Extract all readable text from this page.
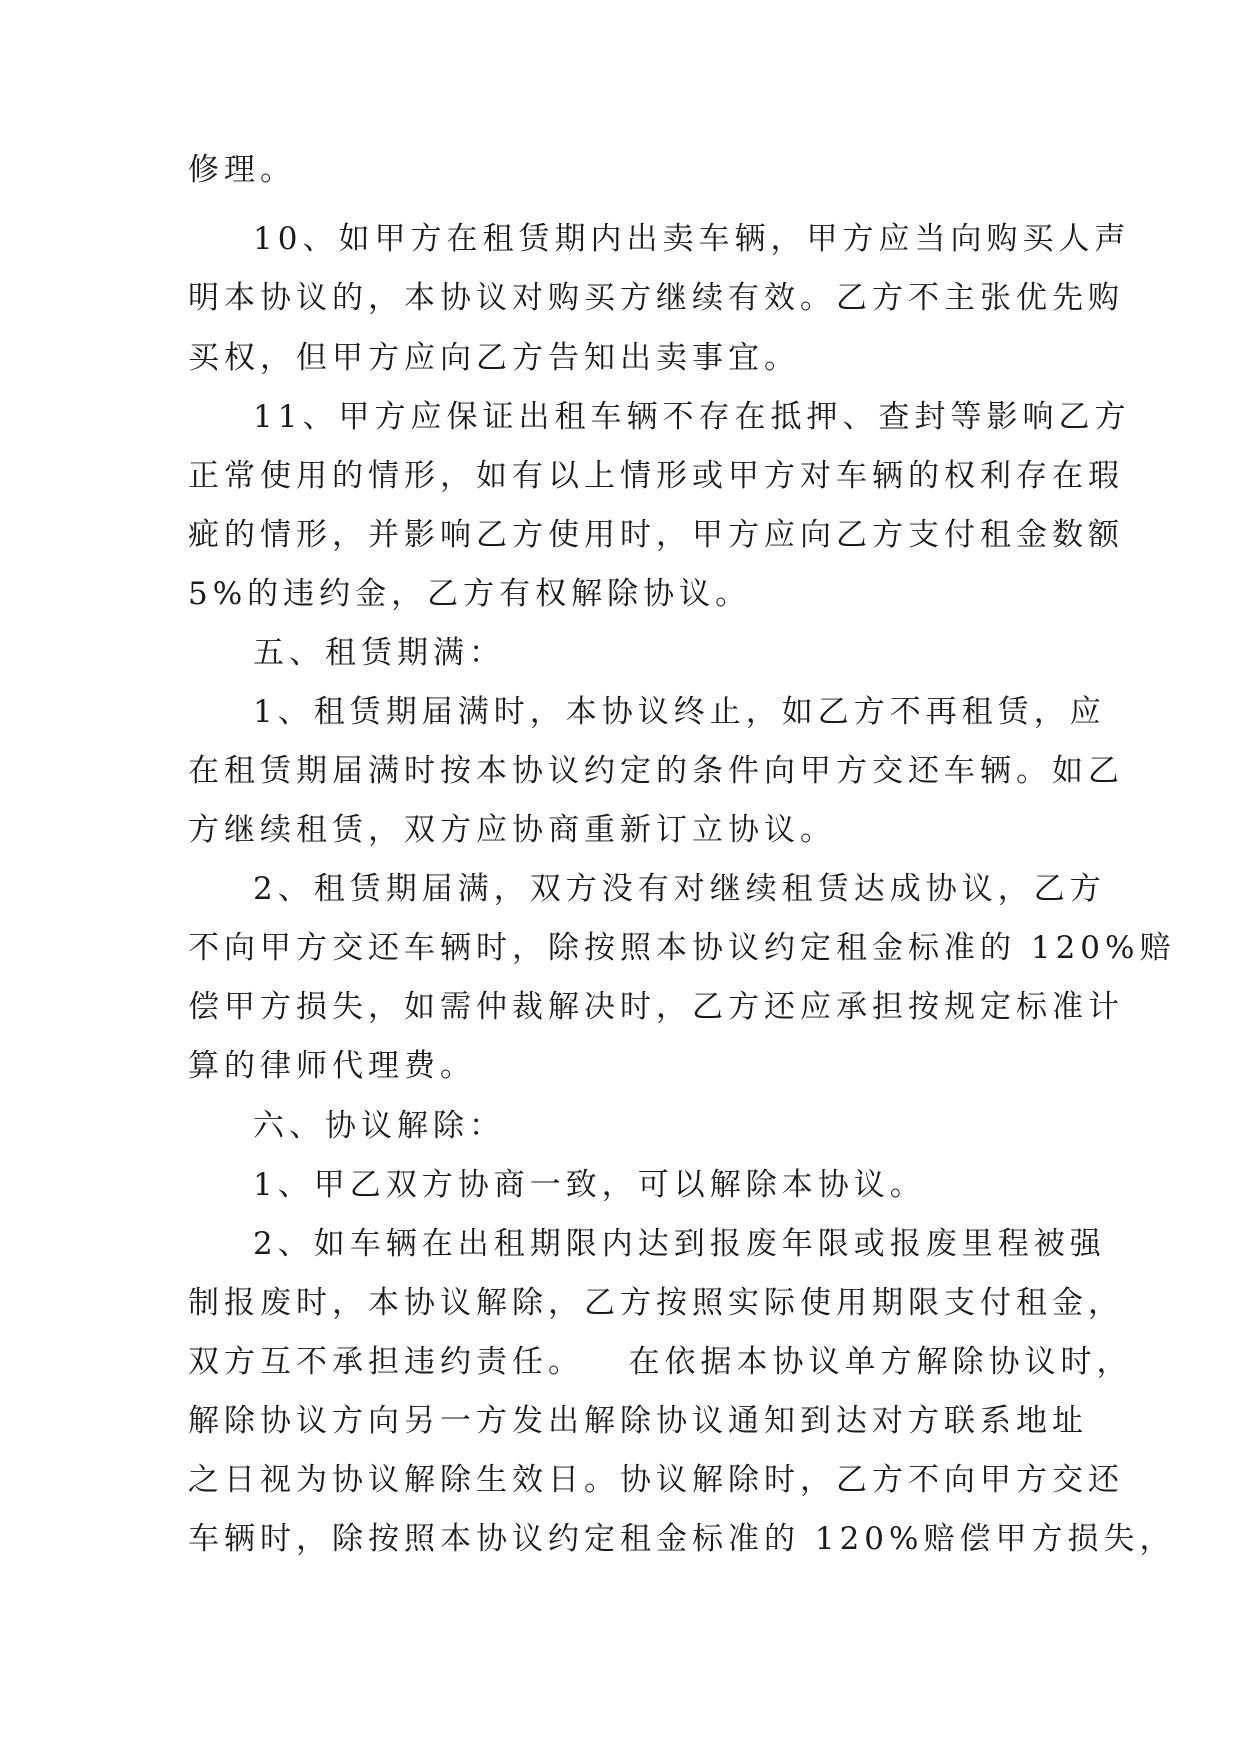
修理。
10、如甲方在租赁期内出卖车辆，甲方应当向购买人声
明本协议的，本协议对购买方继续有效。乙方不主张优先购
买权，但甲方应向乙方告知出卖事宜。
11、甲方应保证出租车辆不存在抵押、查封等影响乙方
正常使用的情形，如有以上情形或甲方对车辆的权利存在瑕
疵的情形，并影响乙方使用时，甲方应向乙方支付租金数额
5%的违约金，乙方有权解除协议。
五、租赁期满：
1、租赁期届满时，本协议终止，如乙方不再租赁，应
在租赁期届满时按本协议约定的条件向甲方交还车辆。如乙
方继续租赁，双方应协商重新订立协议。
2、租赁期届满，双方没有对继续租赁达成协议，乙方
不向甲方交还车辆时，除按照本协议约定租金标准的 120%赔
偿甲方损失，如需仲裁解决时，乙方还应承担按规定标准计
算的律师代理费。
六、协议解除：
1、甲乙双方协商一致，可以解除本协议。
2、如车辆在出租期限内达到报废年限或报废里程被强
制报废时，本协议解除，乙方按照实际使用期限支付租金，
双方互不承担违约责任。   在依据本协议单方解除协议时，
解除协议方向另一方发出解除协议通知到达对方联系地址
之日视为协议解除生效日。协议解除时，乙方不向甲方交还
车辆时，除按照本协议约定租金标准的 120%赔偿甲方损失，
